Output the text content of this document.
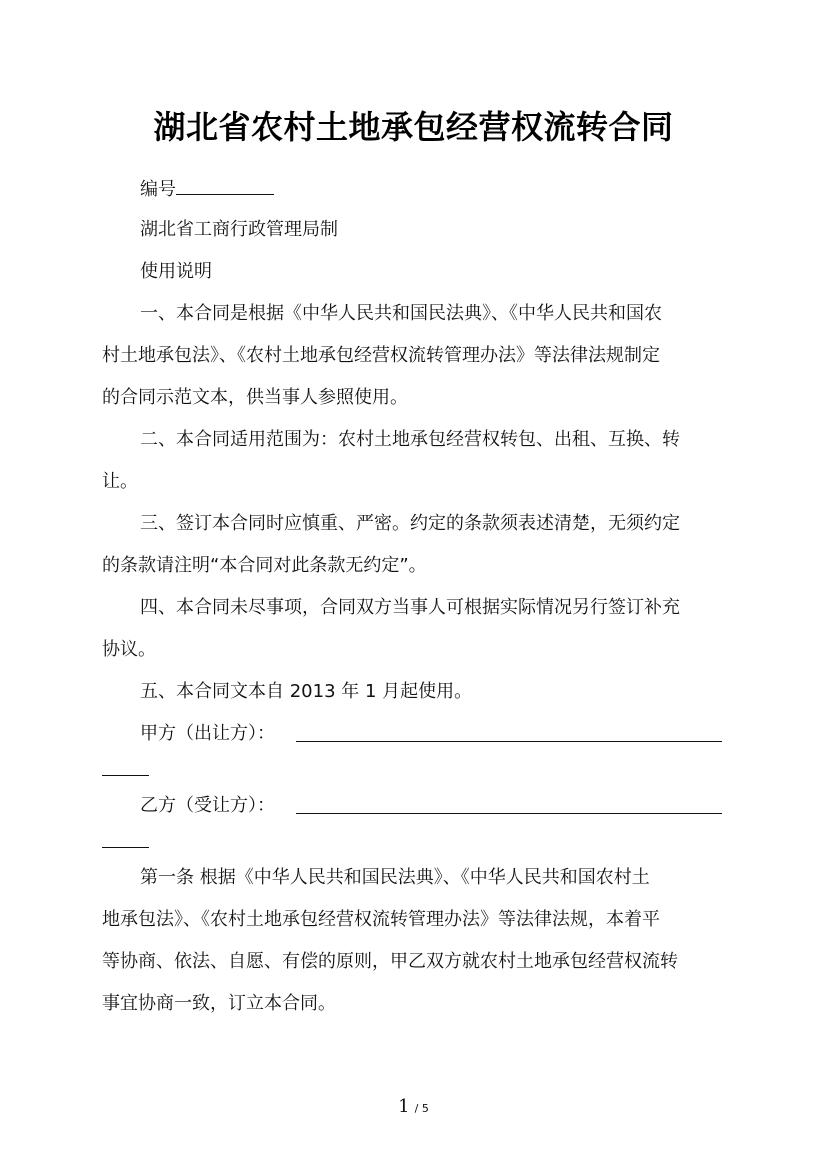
湖北省农村土地承包经营权流转合同
编号
湖北省工商行政管理局制
使用说明
一、本合同是根据《中华人民共和国民法典》、《中华人民共和国农
村土地承包法》、《农村土地承包经营权流转管理办法》等法律法规制定
的合同示范文本，供当事人参照使用。
二、本合同适用范围为：农村土地承包经营权转包、出租、互换、转
让。
三、签订本合同时应慎重、严密。约定的条款须表述清楚，无须约定
的条款请注明“本合同对此条款无约定”。
四、本合同未尽事项，合同双方当事人可根据实际情况另行签订补充
协议。
五、本合同文本自 2013 年 1 月起使用。
甲方（出让方）：
乙方（受让方）：
第一条 根据《中华人民共和国民法典》、《中华人民共和国农村土
地承包法》、《农村土地承包经营权流转管理办法》等法律法规，本着平
等协商、依法、自愿、有偿的原则，甲乙双方就农村土地承包经营权流转
事宜协商一致，订立本合同。
1 / 5
